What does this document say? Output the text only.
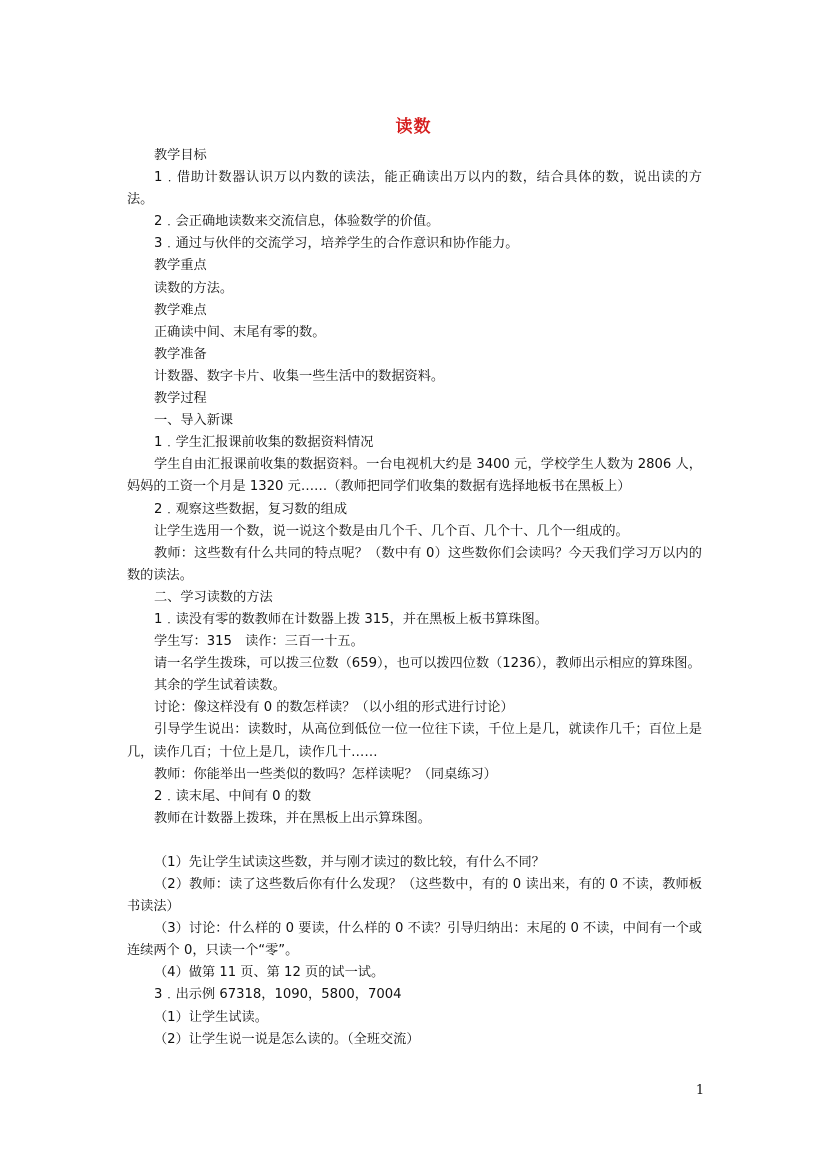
读数

教学目标

1﹒借助计数器认识万以内数的读法，能正确读出万以内的数，结合具体的数，说出读的方法。

2﹒会正确地读数来交流信息，体验数学的价值。

3﹒通过与伙伴的交流学习，培养学生的合作意识和协作能力。

教学重点

读数的方法。

教学难点

正确读中间、末尾有零的数。

教学准备

计数器、数字卡片、收集一些生活中的数据资料。

教学过程

一、导入新课

1﹒学生汇报课前收集的数据资料情况

学生自由汇报课前收集的数据资料。一台电视机大约是 3400 元，学校学生人数为 2806 人，妈妈的工资一个月是 1320 元……（教师把同学们收集的数据有选择地板书在黑板上）

2﹒观察这些数据，复习数的组成

让学生选用一个数，说一说这个数是由几个千、几个百、几个十、几个一组成的。

教师：这些数有什么共同的特点呢？（数中有 0）这些数你们会读吗？今天我们学习万以内的数的读法。

二、学习读数的方法

1﹒读没有零的数教师在计数器上拨 315，并在黑板上板书算珠图。

学生写：315　读作：三百一十五。

请一名学生拨珠，可以拨三位数（659），也可以拨四位数（1236），教师出示相应的算珠图。

其余的学生试着读数。

讨论：像这样没有 0 的数怎样读？（以小组的形式进行讨论）

引导学生说出：读数时，从高位到低位一位一位往下读，千位上是几，就读作几千；百位上是几，读作几百；十位上是几，读作几十……

教师：你能举出一些类似的数吗？怎样读呢？（同桌练习）

2﹒读末尾、中间有 0 的数

教师在计数器上拨珠，并在黑板上出示算珠图。

（1）先让学生试读这些数，并与刚才读过的数比较，有什么不同？

（2）教师：读了这些数后你有什么发现？（这些数中，有的 0 读出来，有的 0 不读，教师板书读法）

（3）讨论：什么样的 0 要读，什么样的 0 不读？引导归纳出：末尾的 0 不读，中间有一个或连续两个 0，只读一个“零”。

（4）做第 11 页、第 12 页的试一试。

3﹒出示例 67318，1090，5800，7004

（1）让学生试读。

（2）让学生说一说是怎么读的。（全班交流）

1
